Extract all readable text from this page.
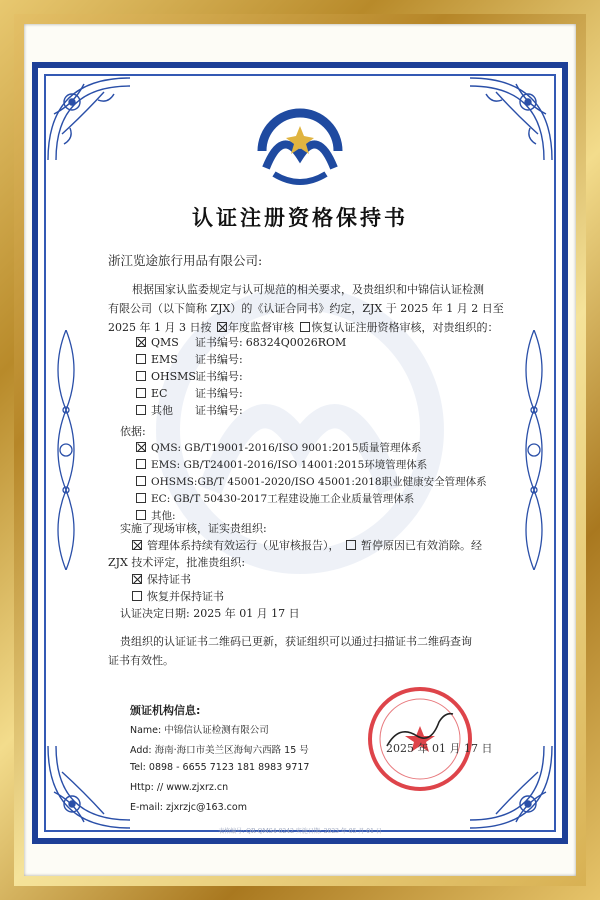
认证注册资格保持书
浙江览途旅行用品有限公司:
根据国家认监委规定与认可规范的相关要求，及贵组织和中锦信认证检测
有限公司（以下简称 ZJX）的《认证合同书》约定，ZJX 于 2025 年 1 月 2 日至
2025 年 1 月 3 日按 年度监督审核 恢复认证注册资格审核，对贵组织的：
QMS 证书编号: 68324Q0026ROM
EMS 证书编号:
OHSMS证书编号:
EC	证书编号:
其他 证书编号:
依据:
QMS: GB/T19001-2016/ISO 9001:2015质量管理体系
EMS: GB/T24001-2016/ISO 14001:2015环境管理体系
OHSMS:GB/T 45001-2020/ISO 45001:2018职业健康安全管理体系
EC: GB/T 50430-2017工程建设施工企业质量管理体系
其他:
实施了现场审核，证实贵组织:
管理体系持续有效运行（见审核报告）， 暂停原因已有效消除。经
ZJX 技术评定，批准贵组织:
保持证书
恢复并保持证书
认证决定日期: 2025 年 01 月 17 日
贵组织的认证证书二维码已更新，获证组织可以通过扫描证书二维码查询
证书有效性。
颁证机构信息:
Name: 中锦信认证检测有限公司
Add: 海南·海口市美兰区海甸六西路 15 号
Tel: 0898 - 6655 7123 181 8983 9717
Http: // www.zjxrz.cn
E-mail: zjxrzjc@163.com
2025 年 01 月 17 日
表格编号: QR-QMS4-0242 实施日期: 2023 年 05 月 01 日
